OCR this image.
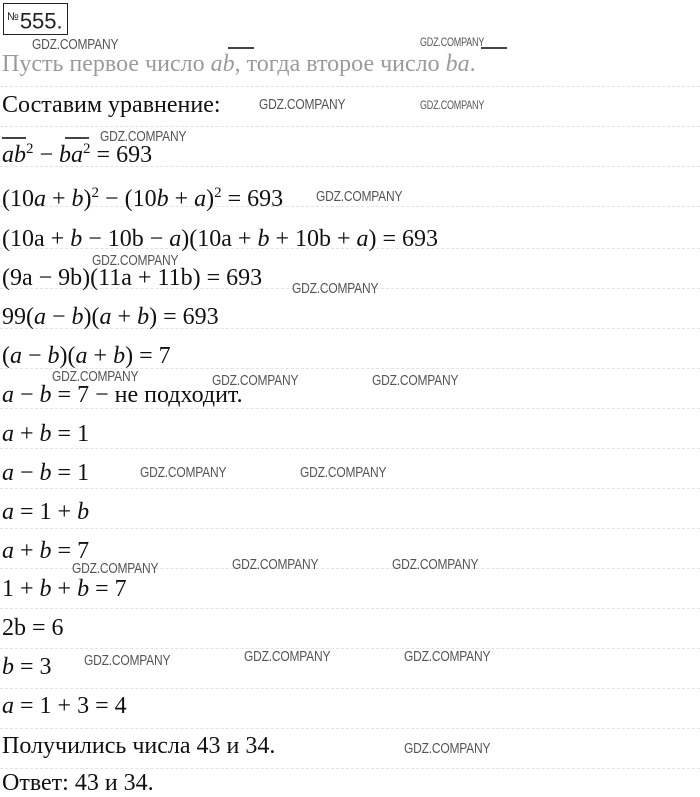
№555.
Пусть первое число ab, тогда второе число ba.
Составим уравнение:
$ab^2 - ba^2 = 693$
$(10a + b)^2 - (10b + a)^2 = 693$
(10a + b − 10b − a)(10a + b + 10b + a) = 693
(9a − 9b)(11a + 11b) = 693
99(a − b)(a + b) = 693
(a − b)(a + b) = 7
a − b = 7 − не подходит.
a + b = 1
a − b = 1
a = 1 + b
a + b = 7
1 + b + b = 7
2b = 6
b = 3
a = 1 + 3 = 4
Получились числа 43 и 34.
Ответ: 43 и 34.
GDZ.COMPANY	GDZ.COMPANY
GDZ.COMPANY	GDZ.COMPANY
GDZ.COMPANY
GDZ.COMPANY
GDZ.COMPANY
GDZ.COMPANY
GDZ.COMPANY	GDZ.COMPANY	GDZ.COMPANY
GDZ.COMPANY	GDZ.COMPANY
GDZ.COMPANY	GDZ.COMPANY	GDZ.COMPANY
GDZ.COMPANY	GDZ.COMPANY	GDZ.COMPANY
GDZ.COMPANY
